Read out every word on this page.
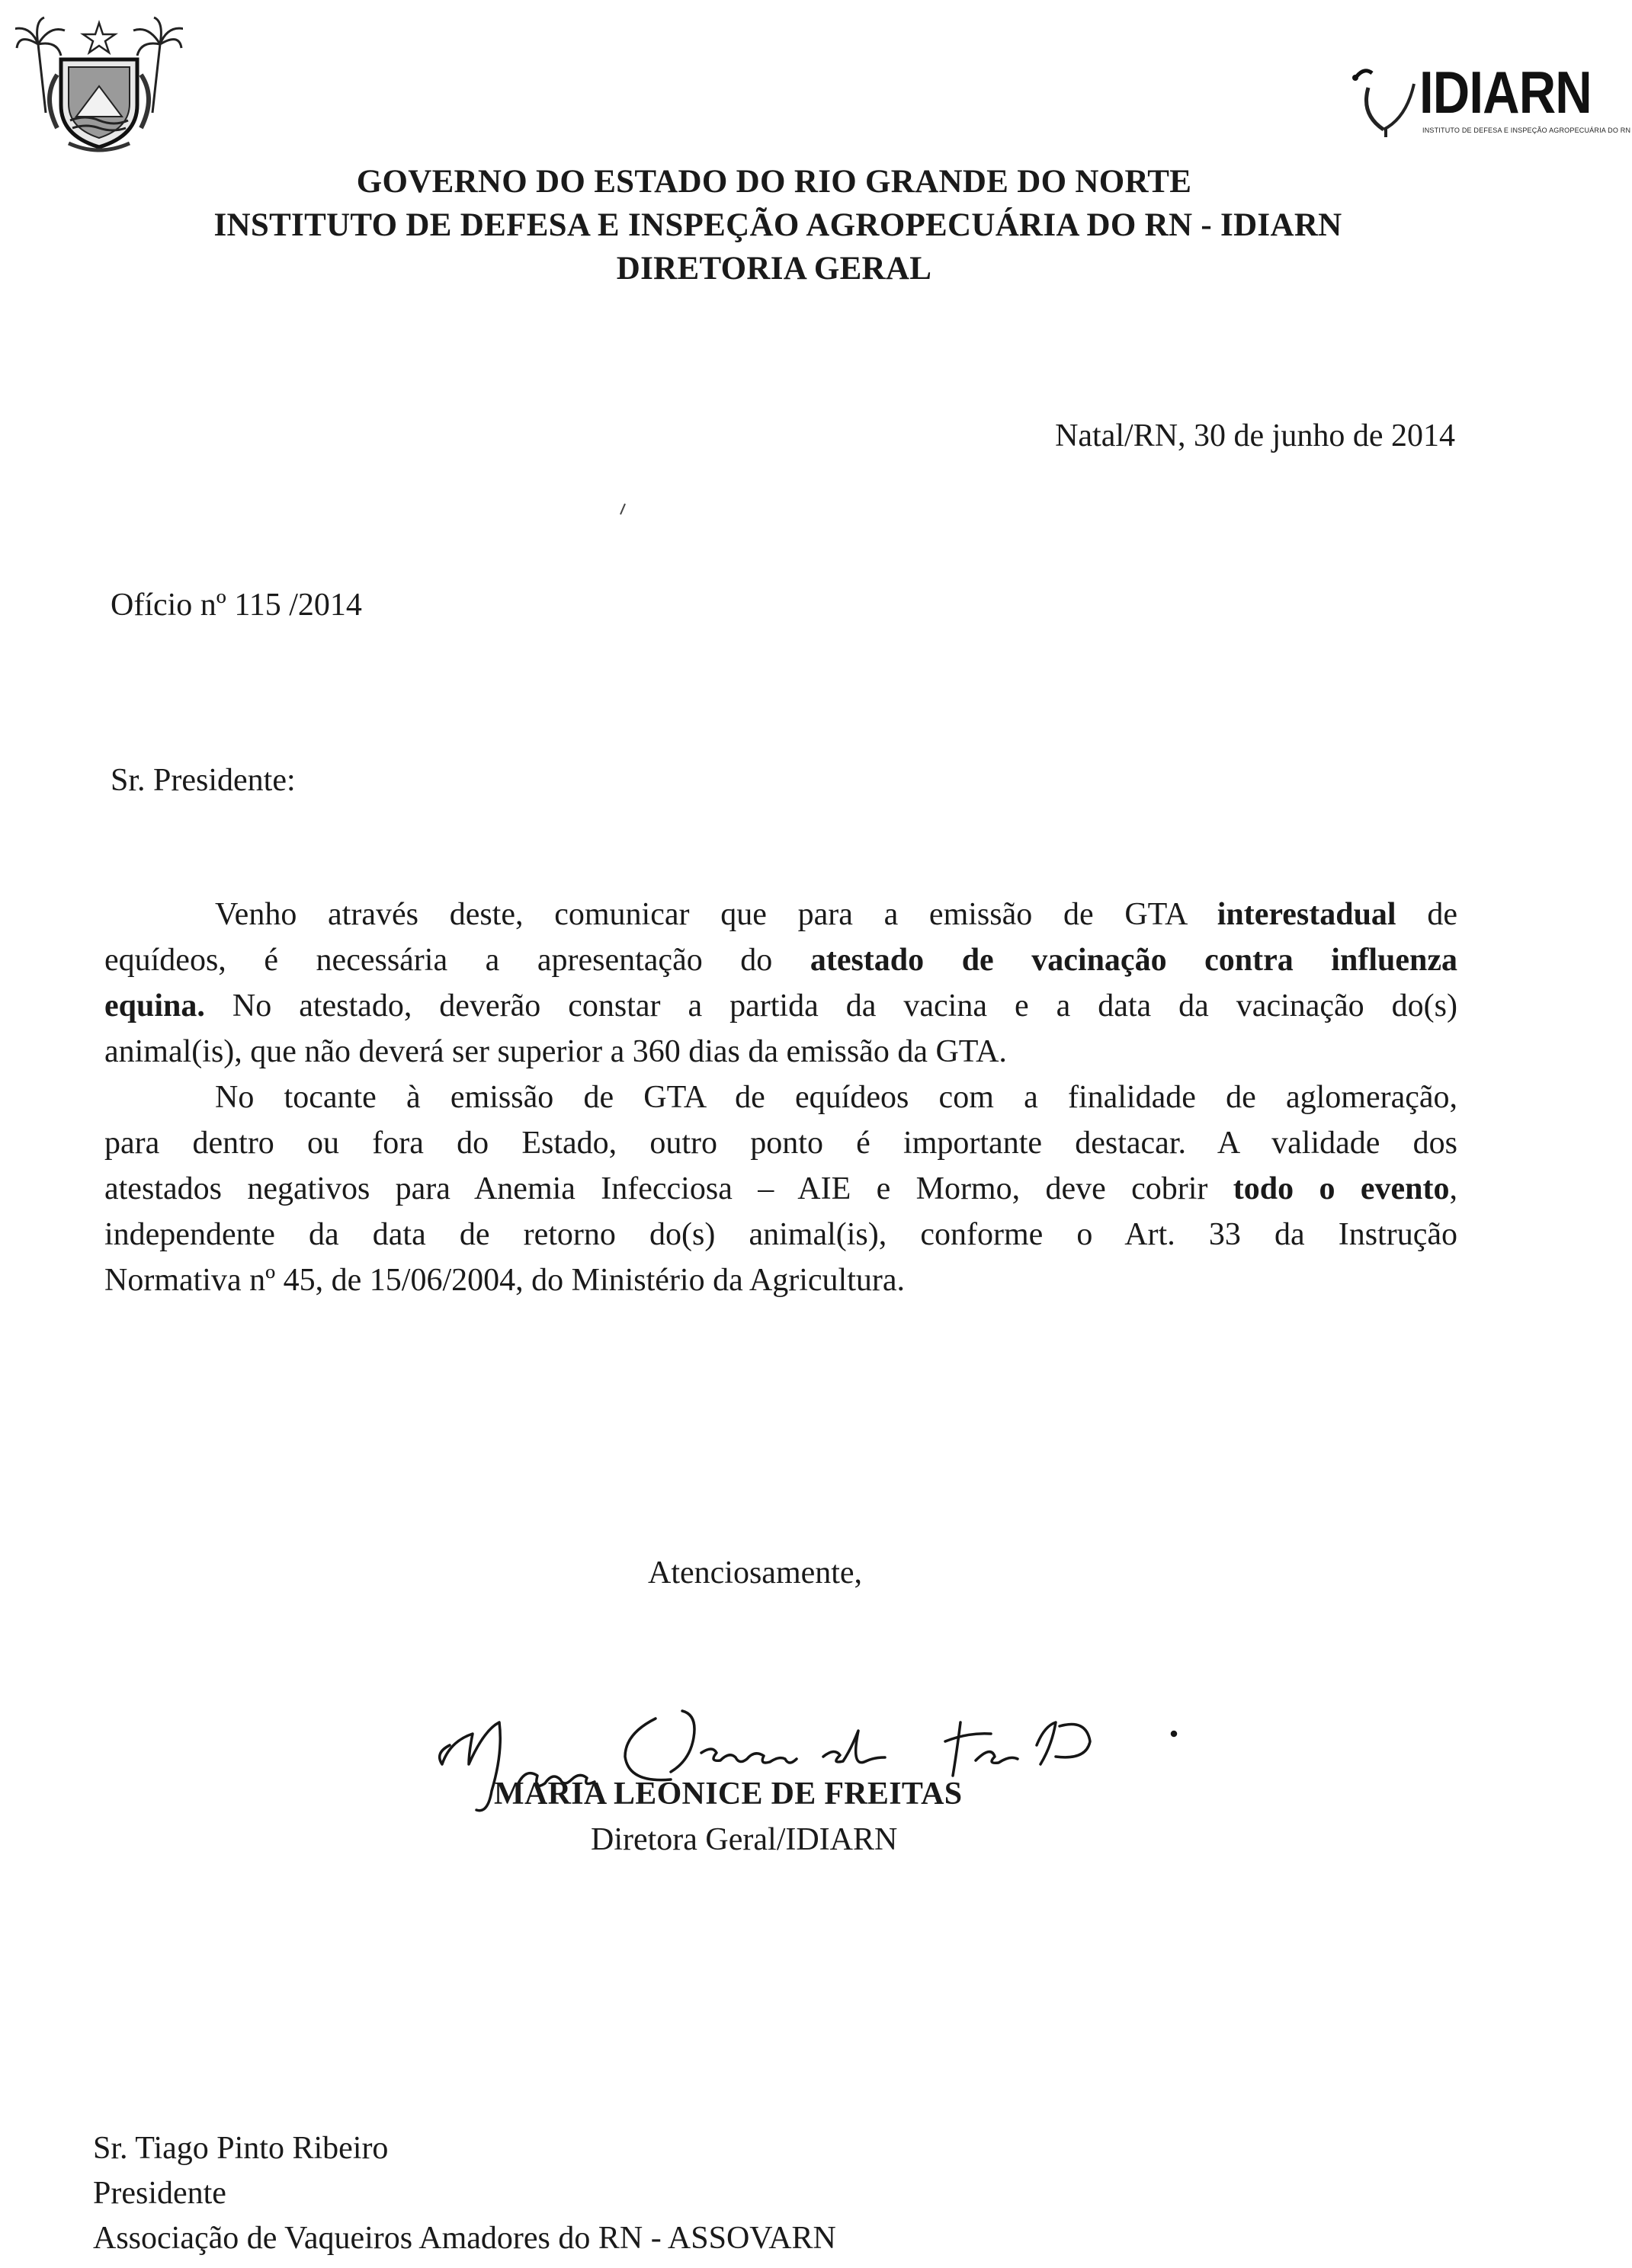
IDIARN
INSTITUTO DE DEFESA E INSPEÇÃO AGROPECUÁRIA DO RN
GOVERNO DO ESTADO DO RIO GRANDE DO NORTE
INSTITUTO DE DEFESA E INSPEÇÃO AGROPECUÁRIA DO RN - IDIARN
DIRETORIA GERAL
Natal/RN, 30 de junho de 2014
Ofício nº 115 /2014
Sr. Presidente:
Venho através deste, comunicar que para a emissão de GTA interestadual de
equídeos, é necessária a apresentação do atestado de vacinação contra influenza
equina. No atestado, deverão constar a partida da vacina e a data da vacinação do(s)
animal(is), que não deverá ser superior a 360 dias da emissão da GTA.
No tocante à emissão de GTA de equídeos com a finalidade de aglomeração,
para dentro ou fora do Estado, outro ponto é importante destacar. A validade dos
atestados negativos para Anemia Infecciosa – AIE e Mormo, deve cobrir todo o evento,
independente da data de retorno do(s) animal(is), conforme o Art. 33 da Instrução
Normativa nº 45, de 15/06/2004, do Ministério da Agricultura.
Atenciosamente,
MARIA LEONICE DE FREITAS
Diretora Geral/IDIARN
Sr. Tiago Pinto Ribeiro
Presidente
Associação de Vaqueiros Amadores do RN - ASSOVARN
